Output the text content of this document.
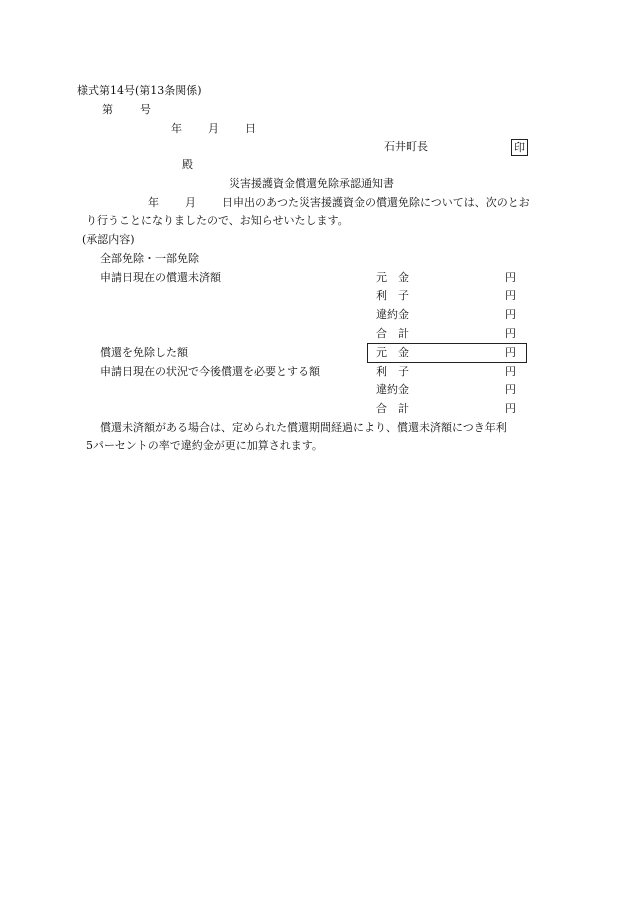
様式第14号(第13条関係)
第 号
年 月 日
石井町長	印
殿
災害援護資金償還免除承認通知書
年 月 日申出のあつた災害援護資金の償還免除については、次のとお
り行うことになりましたので、お知らせいたします。
(承認内容)
全部免除・一部免除
申請日現在の償還未済額	元　金	円
利　子	円
違約金	円
合　計	円
償還を免除した額	元　金	円
申請日現在の状況で今後償還を必要とする額	利　子	円
違約金	円
合　計	円
償還未済額がある場合は、定められた償還期間経過により、償還未済額につき年利
5パーセントの率で違約金が更に加算されます。
